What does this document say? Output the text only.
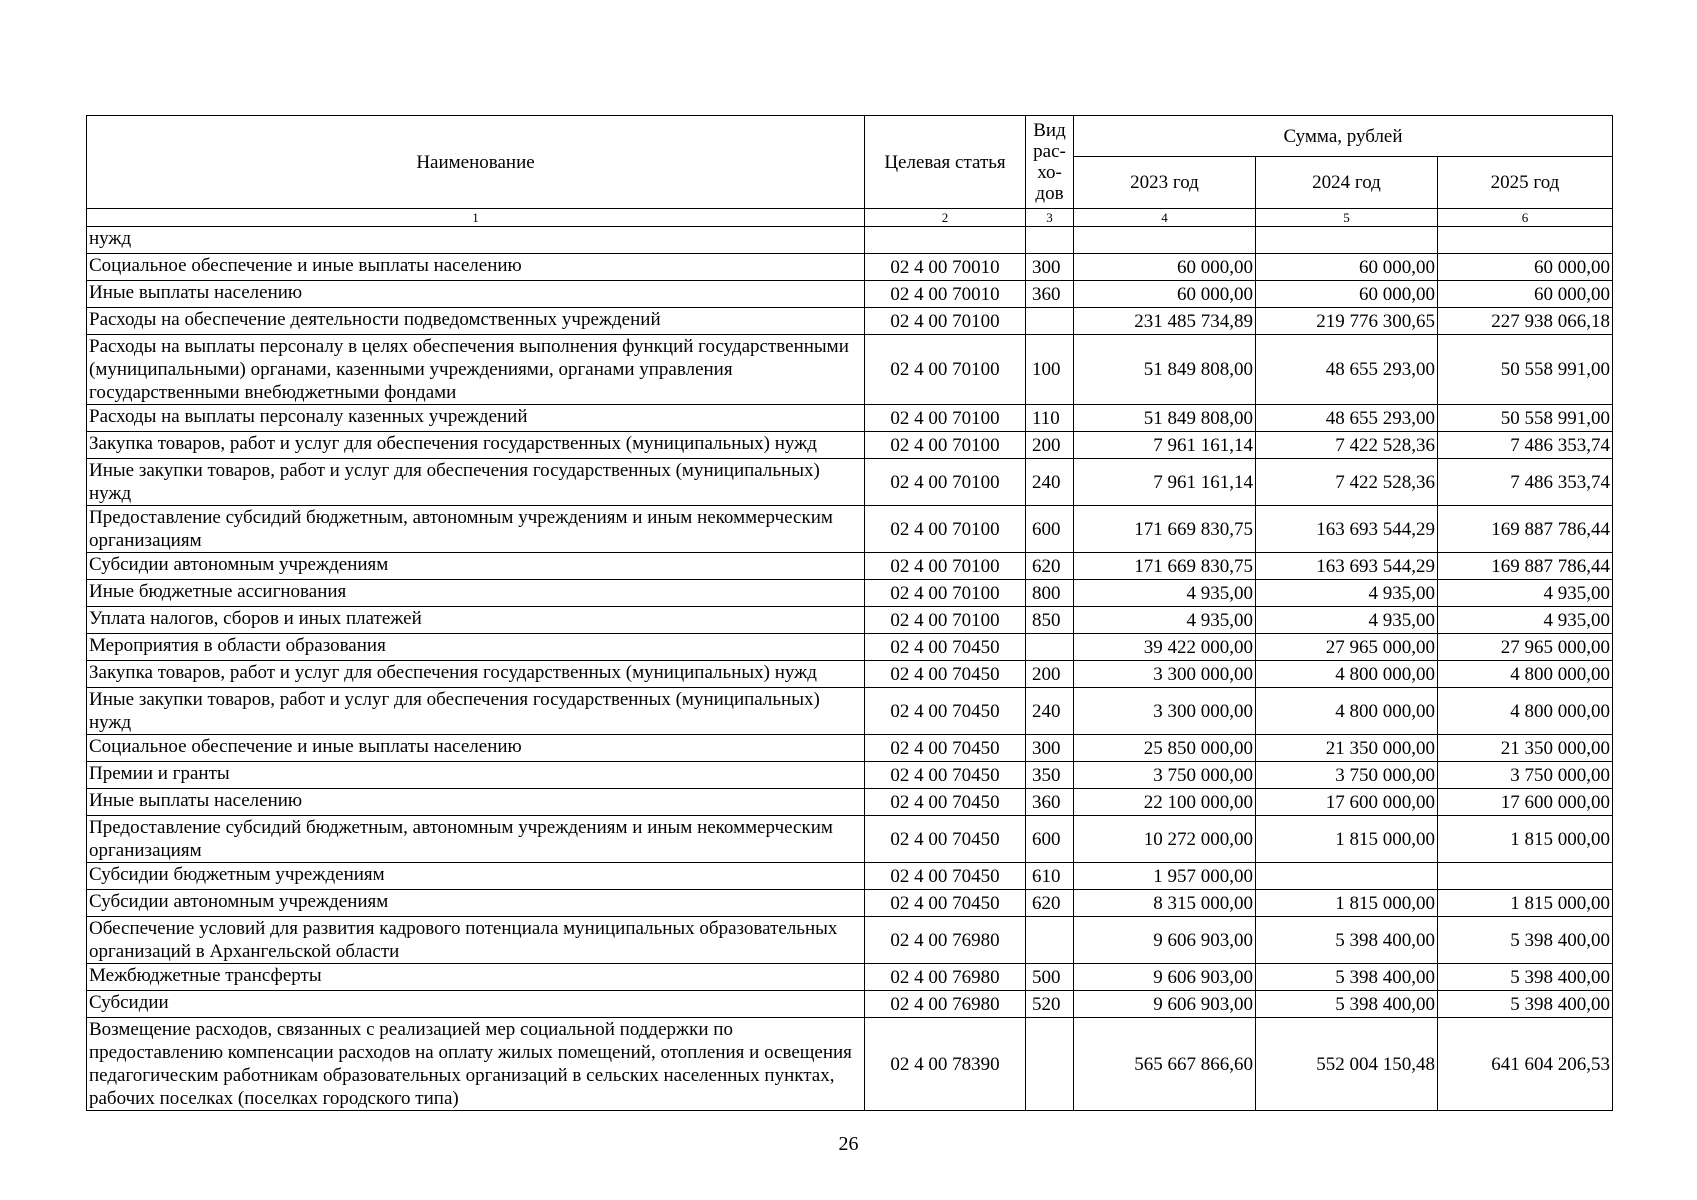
Наименование	Целевая статья	Вид рас-хо-дов	Сумма, рублей		
			2023 год	2024 год	2025 год
1	2	3	4	5	6
нужд					
Социальное обеспечение и иные выплаты населению	02 4 00 70010	300	60 000,00	60 000,00	60 000,00
Иные выплаты населению	02 4 00 70010	360	60 000,00	60 000,00	60 000,00
Расходы на обеспечение деятельности подведомственных учреждений	02 4 00 70100		231 485 734,89	219 776 300,65	227 938 066,18
Расходы на выплаты персоналу в целях обеспечения выполнения функций государственными (муниципальными) органами, казенными учреждениями, органами управления государственными внебюджетными фондами	02 4 00 70100	100	51 849 808,00	48 655 293,00	50 558 991,00
Расходы на выплаты персоналу казенных учреждений	02 4 00 70100	110	51 849 808,00	48 655 293,00	50 558 991,00
Закупка товаров, работ и услуг для обеспечения государственных (муниципальных) нужд	02 4 00 70100	200	7 961 161,14	7 422 528,36	7 486 353,74
Иные закупки товаров, работ и услуг для обеспечения государственных (муниципальных) нужд	02 4 00 70100	240	7 961 161,14	7 422 528,36	7 486 353,74
Предоставление субсидий бюджетным, автономным учреждениям и иным некоммерческим организациям	02 4 00 70100	600	171 669 830,75	163 693 544,29	169 887 786,44
Субсидии автономным учреждениям	02 4 00 70100	620	171 669 830,75	163 693 544,29	169 887 786,44
Иные бюджетные ассигнования	02 4 00 70100	800	4 935,00	4 935,00	4 935,00
Уплата налогов, сборов и иных платежей	02 4 00 70100	850	4 935,00	4 935,00	4 935,00
Мероприятия в области образования	02 4 00 70450		39 422 000,00	27 965 000,00	27 965 000,00
Закупка товаров, работ и услуг для обеспечения государственных (муниципальных) нужд	02 4 00 70450	200	3 300 000,00	4 800 000,00	4 800 000,00
Иные закупки товаров, работ и услуг для обеспечения государственных (муниципальных) нужд	02 4 00 70450	240	3 300 000,00	4 800 000,00	4 800 000,00
Социальное обеспечение и иные выплаты населению	02 4 00 70450	300	25 850 000,00	21 350 000,00	21 350 000,00
Премии и гранты	02 4 00 70450	350	3 750 000,00	3 750 000,00	3 750 000,00
Иные выплаты населению	02 4 00 70450	360	22 100 000,00	17 600 000,00	17 600 000,00
Предоставление субсидий бюджетным, автономным учреждениям и иным некоммерческим организациям	02 4 00 70450	600	10 272 000,00	1 815 000,00	1 815 000,00
Субсидии бюджетным учреждениям	02 4 00 70450	610	1 957 000,00		
Субсидии автономным учреждениям	02 4 00 70450	620	8 315 000,00	1 815 000,00	1 815 000,00
Обеспечение условий для развития кадрового потенциала муниципальных образовательных организаций в Архангельской области	02 4 00 76980		9 606 903,00	5 398 400,00	5 398 400,00
Межбюджетные трансферты	02 4 00 76980	500	9 606 903,00	5 398 400,00	5 398 400,00
Субсидии	02 4 00 76980	520	9 606 903,00	5 398 400,00	5 398 400,00
Возмещение расходов, связанных с реализацией мер социальной поддержки по предоставлению компенсации расходов на оплату жилых помещений, отопления и освещения педагогическим работникам образовательных организаций в сельских населенных пунктах, рабочих поселках (поселках городского типа)	02 4 00 78390		565 667 866,60	552 004 150,48	641 604 206,53
26
